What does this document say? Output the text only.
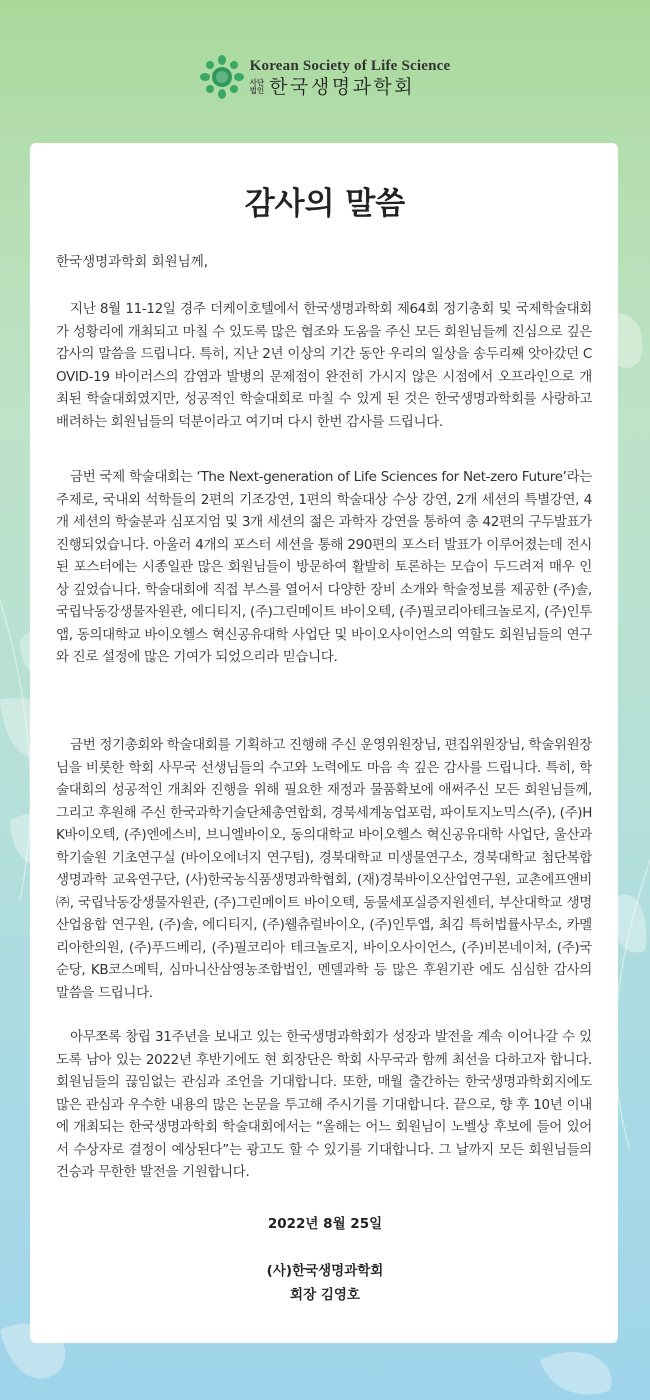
Korean Society of Life Science
사단
법인 한국생명과학회
감사의 말씀
한국생명과학회 회원님께,

지난 8월 11-12일 경주 더케이호텔에서 한국생명과학회 제64회 정기총회 및 국제학술대회가 성황리에 개최되고 마칠 수 있도록 많은 협조와 도움을 주신 모든 회원님들께 진심으로 깊은 감사의 말씀을 드립니다. 특히, 지난 2년 이상의 기간 동안 우리의 일상을 송두리째 앗아갔던 COVID-19 바이러스의 감염과 발병의 문제점이 완전히 가시지 않은 시점에서 오프라인으로 개최된 학술대회였지만, 성공적인 학술대회로 마칠 수 있게 된 것은 한국생명과학회를 사랑하고 배려하는 회원님들의 덕분이라고 여기며 다시 한번 감사를 드립니다.

금번 국제 학술대회는 ‘The Next-generation of Life Sciences for Net-zero Future’라는 주제로, 국내외 석학들의 2편의 기조강연, 1편의 학술대상 수상 강연, 2개 세션의 특별강연, 4개 세션의 학술분과 심포지엄 및 3개 세션의 젊은 과학자 강연을 통하여 총 42편의 구두발표가 진행되었습니다. 아울러 4개의 포스터 세션을 통해 290편의 포스터 발표가 이루어졌는데 전시된 포스터에는 시종일관 많은 회원님들이 방문하여 활발히 토론하는 모습이 두드려져 매우 인상 깊었습니다. 학술대회에 직접 부스를 열어서 다양한 장비 소개와 학술정보를 제공한 (주)솔, 국립낙동강생물자원관, 에디티지, (주)그린메이트 바이오텍, (주)필코리아테크놀로지, (주)인투앱, 동의대학교 바이오헬스 혁신공유대학 사업단 및 바이오사이언스의 역할도 회원님들의 연구와 진로 설정에 많은 기여가 되었으리라 믿습니다.

금번 정기총회와 학술대회를 기획하고 진행해 주신 운영위원장님, 편집위원장님, 학술위원장님을 비롯한 학회 사무국 선생님들의 수고와 노력에도 마음 속 깊은 감사를 드립니다. 특히, 학술대회의 성공적인 개최와 진행을 위해 필요한 재정과 물품확보에 애써주신 모든 회원님들께, 그리고 후원해 주신 한국과학기술단체총연합회, 경북세계농업포럼, 파이토지노믹스(주), (주)HK바이오텍, (주)엔에스비, 브니엘바이오, 동의대학교 바이오헬스 혁신공유대학 사업단, 울산과학기술원 기초연구실 (바이오에너지 연구팀), 경북대학교 미생물연구소, 경북대학교 첨단복합생명과학 교육연구단, (사)한국농식품생명과학협회, (재)경북바이오산업연구원, 교촌에프앤비㈜, 국립낙동강생물자원관, (주)그린메이트 바이오텍, 동물세포실증지원센터, 부산대학교 생명산업융합 연구원, (주)솔, 에디티지, (주)웰츄럴바이오, (주)인투앱, 최김 특허법률사무소, 카멜리아한의원, (주)푸드베리, (주)필코리아 테크놀로지, 바이오사이언스, (주)비본네이처, (주)국순당, KB코스메틱, 심마니산삼영농조합법인, 멘델과학 등 많은 후원기관 에도 심심한 감사의 말씀을 드립니다.

아무쪼록 창립 31주년을 보내고 있는 한국생명과학회가 성장과 발전을 계속 이어나갈 수 있도록 남아 있는 2022년 후반기에도 현 회장단은 학회 사무국과 함께 최선을 다하고자 합니다. 회원님들의 끊임없는 관심과 조언을 기대합니다. 또한, 매월 출간하는 한국생명과학회지에도 많은 관심과 우수한 내용의 많은 논문을 투고해 주시기를 기대합니다. 끝으로, 향 후 10년 이내에 개최되는 한국생명과학회 학술대회에서는 “올해는 어느 회원님이 노벨상 후보에 들어 있어서 수상자로 결정이 예상된다”는 광고도 할 수 있기를 기대합니다. 그 날까지 모든 회원님들의 건승과 무한한 발전을 기원합니다.

2022년 8월 25일
(사)한국생명과학회
회장 김영호
